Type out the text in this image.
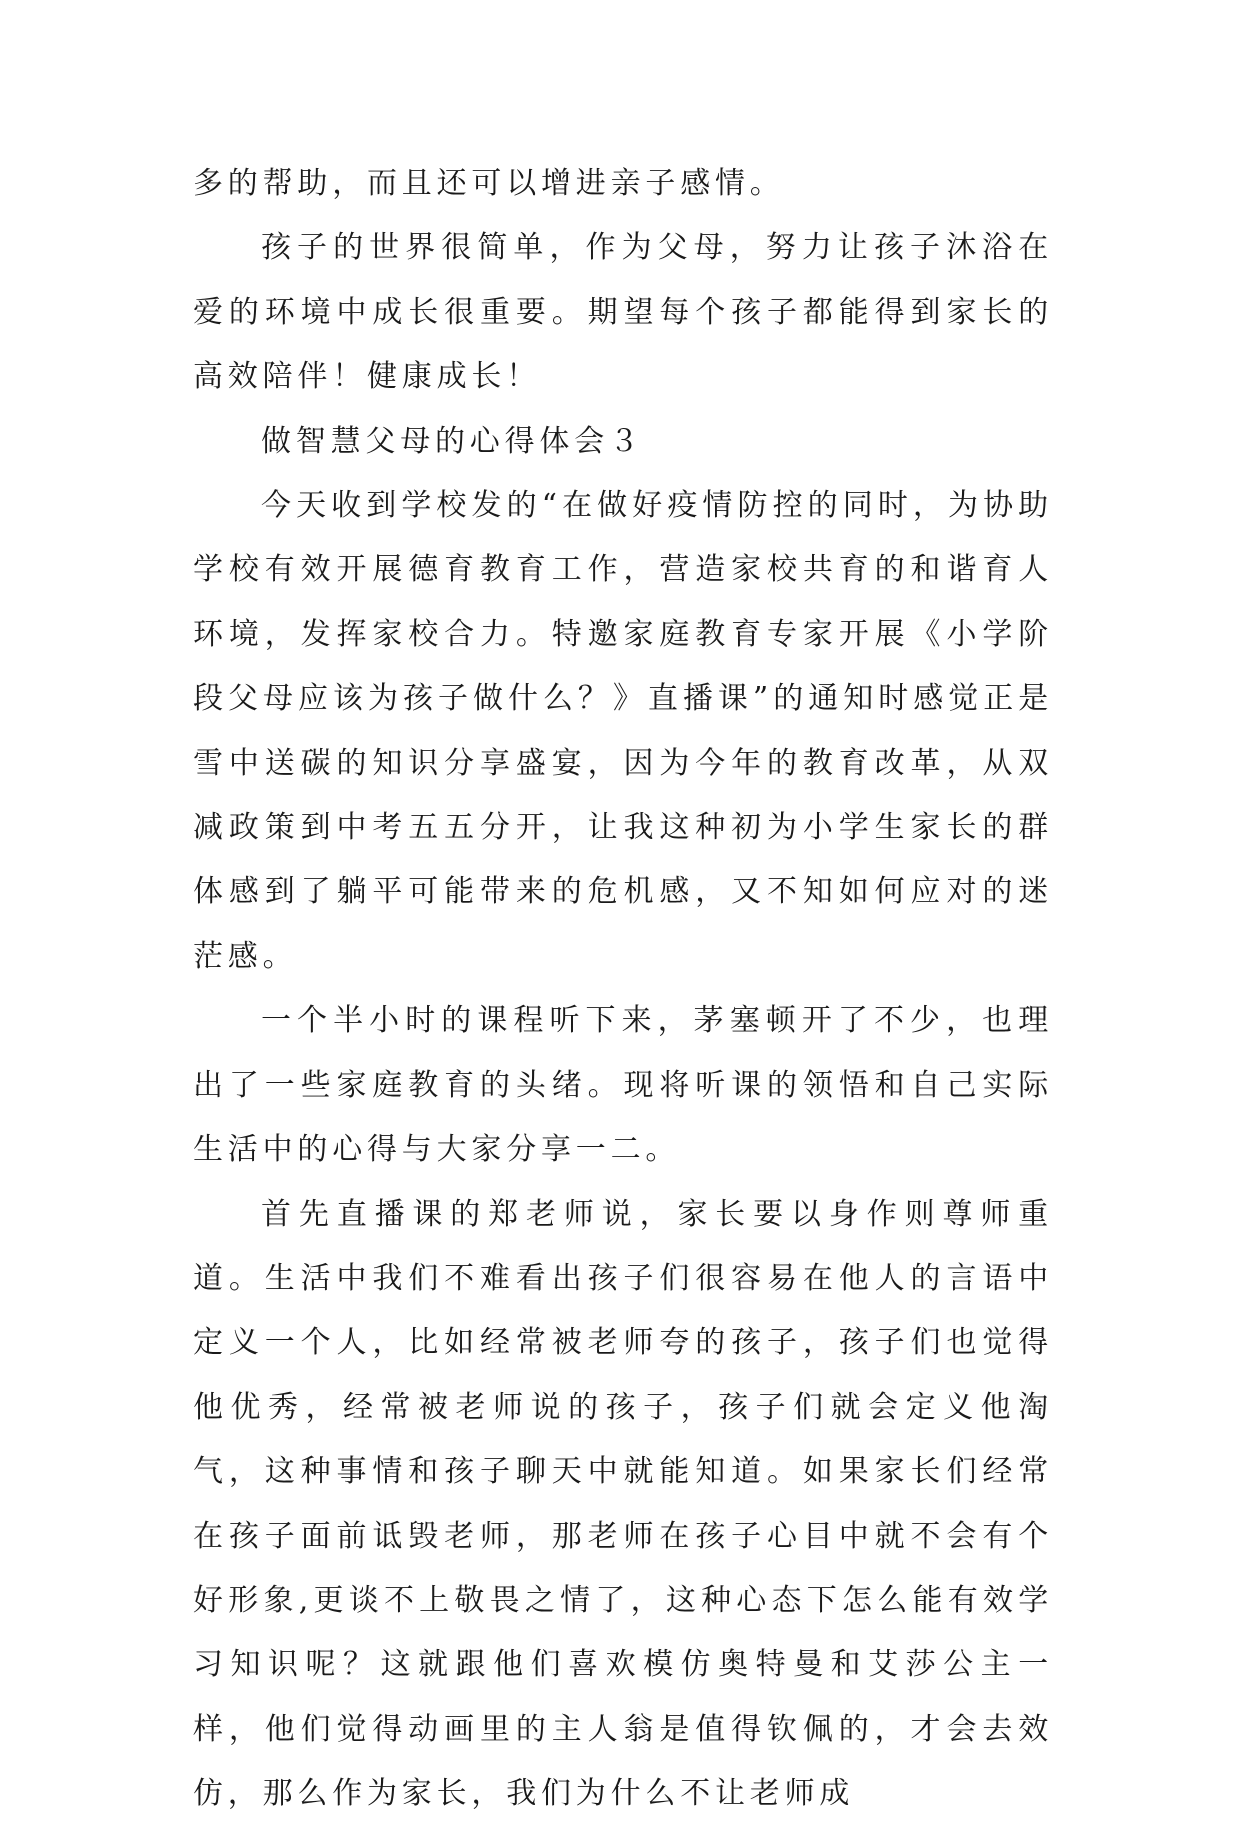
多的帮助，而且还可以增进亲子感情。

孩子的世界很简单，作为父母，努力让孩子沐浴在爱的环境中成长很重要。期望每个孩子都能得到家长的高效陪伴！健康成长！

做智慧父母的心得体会３

今天收到学校发的“在做好疫情防控的同时，为协助学校有效开展德育教育工作，营造家校共育的和谐育人环境，发挥家校合力。特邀家庭教育专家开展《小学阶段父母应该为孩子做什么？》直播课”的通知时感觉正是雪中送碳的知识分享盛宴，因为今年的教育改革，从双减政策到中考五五分开，让我这种初为小学生家长的群体感到了躺平可能带来的危机感，又不知如何应对的迷茫感。

一个半小时的课程听下来，茅塞顿开了不少，也理出了一些家庭教育的头绪。现将听课的领悟和自己实际生活中的心得与大家分享一二。

首先直播课的郑老师说，家长要以身作则尊师重道。生活中我们不难看出孩子们很容易在他人的言语中定义一个人，比如经常被老师夸的孩子，孩子们也觉得他优秀，经常被老师说的孩子，孩子们就会定义他淘气，这种事情和孩子聊天中就能知道。如果家长们经常在孩子面前诋毁老师，那老师在孩子心目中就不会有个好形象,更谈不上敬畏之情了，这种心态下怎么能有效学习知识呢？这就跟他们喜欢模仿奥特曼和艾莎公主一样，他们觉得动画里的主人翁是值得钦佩的，才会去效仿，那么作为家长，我们为什么不让老师成
